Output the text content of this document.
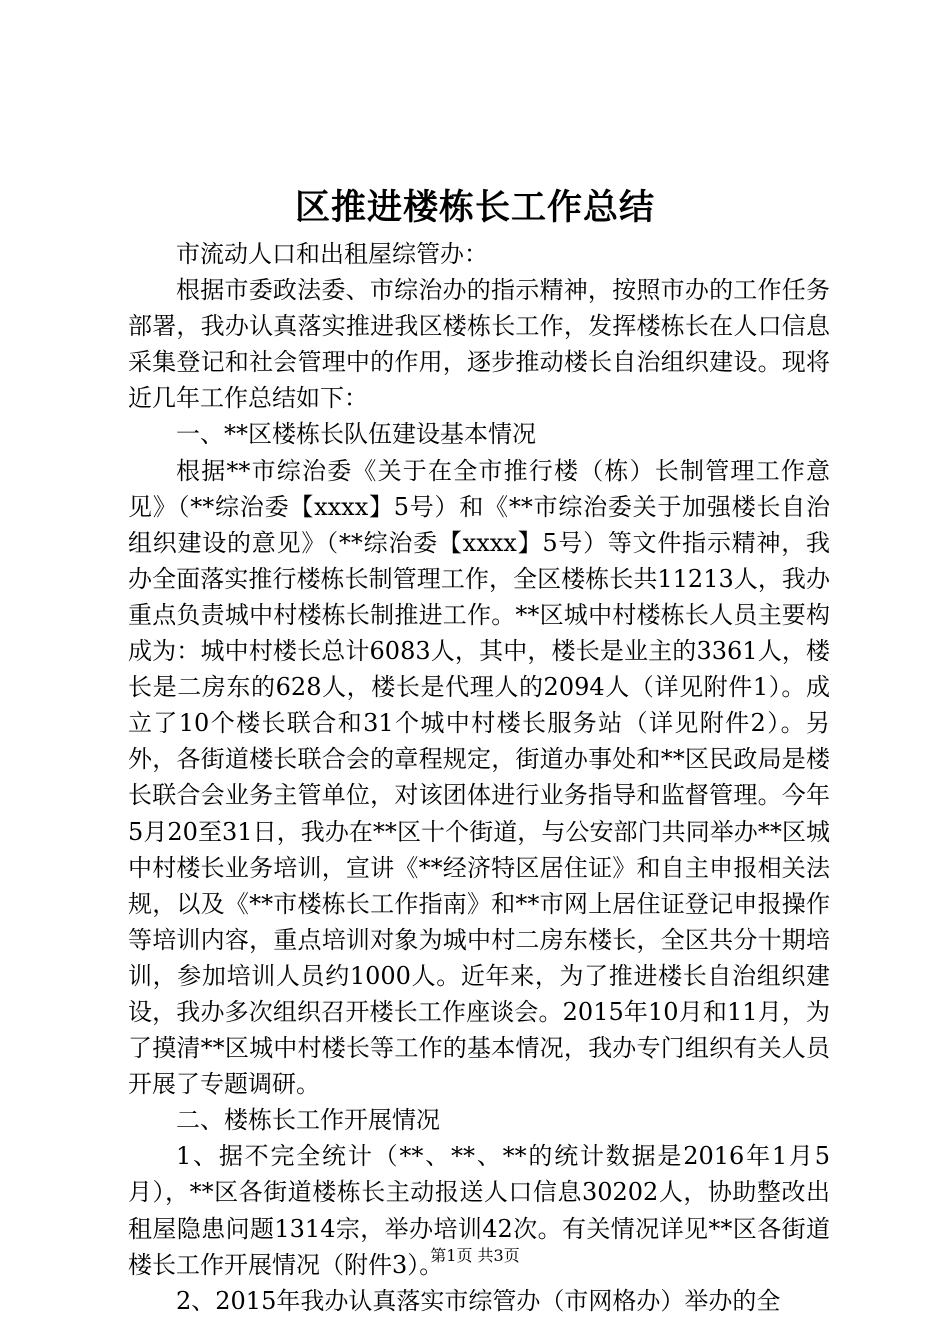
区推进楼栋长工作总结

市流动人口和出租屋综管办：

根据市委政法委、市综治办的指示精神，按照市办的工作任务部署，我办认真落实推进我区楼栋长工作，发挥楼栋长在人口信息采集登记和社会管理中的作用，逐步推动楼长自治组织建设。现将近几年工作总结如下：

一、**区楼栋长队伍建设基本情况

根据**市综治委《关于在全市推行楼（栋）长制管理工作意见》（**综治委【xxxx】5号）和《**市综治委关于加强楼长自治组织建设的意见》（**综治委【xxxx】5号）等文件指示精神，我办全面落实推行楼栋长制管理工作，全区楼栋长共11213人，我办重点负责城中村楼栋长制推进工作。**区城中村楼栋长人员主要构成为：城中村楼长总计6083人，其中，楼长是业主的3361人，楼长是二房东的628人，楼长是代理人的2094人（详见附件1）。成立了10个楼长联合和31个城中村楼长服务站（详见附件2）。另外，各街道楼长联合会的章程规定，街道办事处和**区民政局是楼长联合会业务主管单位，对该团体进行业务指导和监督管理。今年5月20至31日，我办在**区十个街道，与公安部门共同举办**区城中村楼长业务培训，宣讲《**经济特区居住证》和自主申报相关法规，以及《**市楼栋长工作指南》和**市网上居住证登记申报操作等培训内容，重点培训对象为城中村二房东楼长，全区共分十期培训，参加培训人员约1000人。近年来，为了推进楼长自治组织建设，我办多次组织召开楼长工作座谈会。2015年10月和11月，为了摸清**区城中村楼长等工作的基本情况，我办专门组织有关人员开展了专题调研。

二、楼栋长工作开展情况

1、据不完全统计（**、**、**的统计数据是2016年1月5月），**区各街道楼栋长主动报送人口信息30202人，协助整改出租屋隐患问题1314宗，举办培训42次。有关情况详见**区各街道楼长工作开展情况（附件3）。

2、2015年我办认真落实市综管办（市网格办）举办的全

第1页 共3页
